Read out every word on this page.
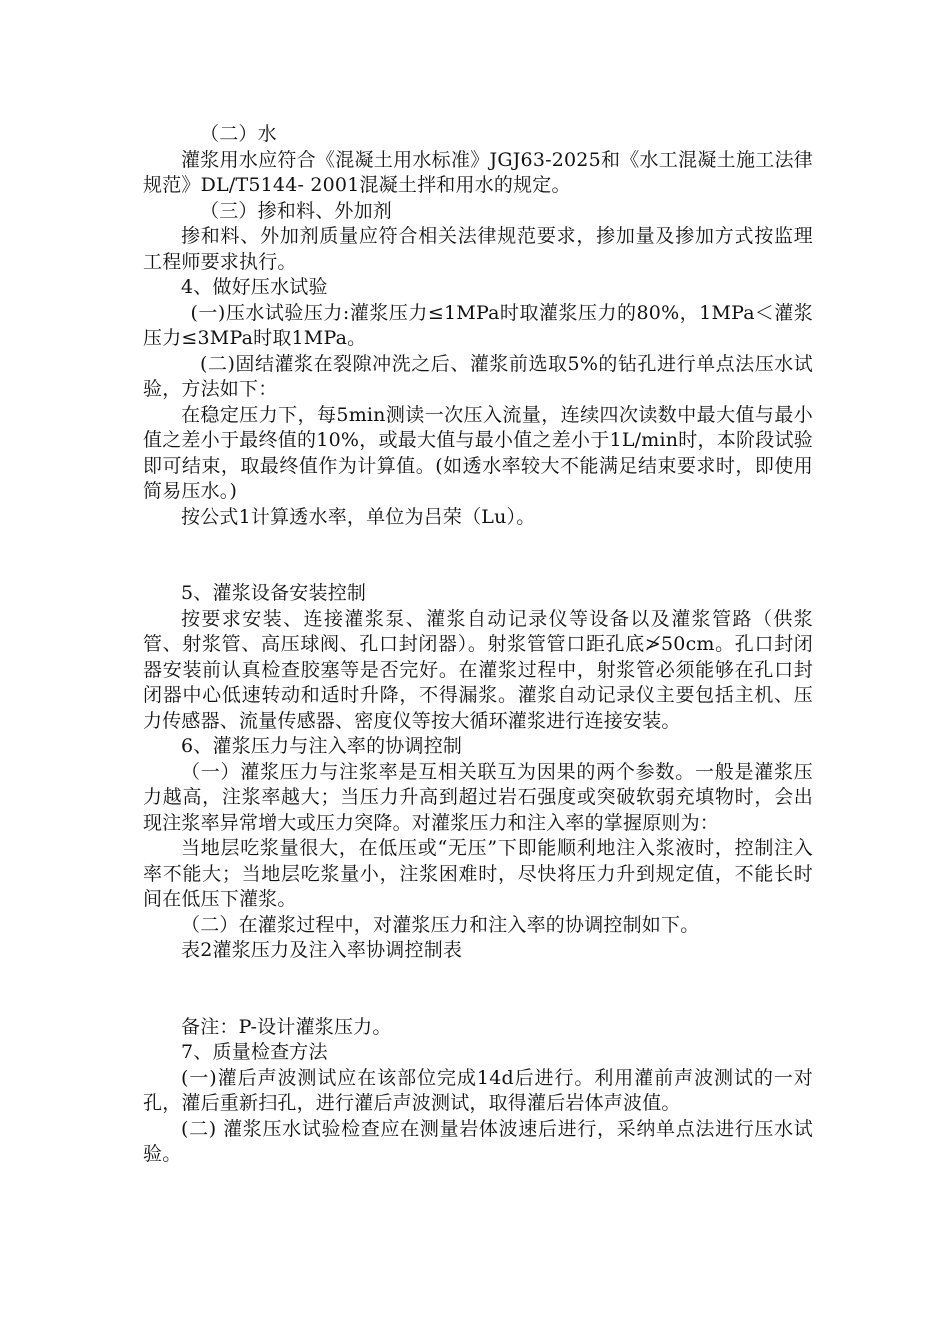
（二）水

灌浆用水应符合《混凝土用水标准》JGJ63-2025和《水工混凝土施工法律规范》DL/T5144- 2001混凝土拌和用水的规定。

（三）掺和料、外加剂

掺和料、外加剂质量应符合相关法律规范要求，掺加量及掺加方式按监理工程师要求执行。

4、做好压水试验

(一)压水试验压力:灌浆压力≤1MPa时取灌浆压力的80%，1MPa＜灌浆压力≤3MPa时取1MPa。

(二)固结灌浆在裂隙冲洗之后、灌浆前选取5%的钻孔进行单点法压水试验，方法如下：

在稳定压力下，每5min测读一次压入流量，连续四次读数中最大值与最小值之差小于最终值的10%，或最大值与最小值之差小于1L/min时，本阶段试验即可结束，取最终值作为计算值。(如透水率较大不能满足结束要求时，即使用简易压水。)

按公式1计算透水率，单位为吕荣（Lu）。

5、灌浆设备安装控制

按要求安装、连接灌浆泵、灌浆自动记录仪等设备以及灌浆管路（供浆管、射浆管、高压球阀、孔口封闭器）。射浆管管口距孔底≯50cm。孔口封闭器安装前认真检查胶塞等是否完好。在灌浆过程中，射浆管必须能够在孔口封闭器中心低速转动和适时升降，不得漏浆。灌浆自动记录仪主要包括主机、压力传感器、流量传感器、密度仪等按大循环灌浆进行连接安装。

6、灌浆压力与注入率的协调控制

（一）灌浆压力与注浆率是互相关联互为因果的两个参数。一般是灌浆压力越高，注浆率越大；当压力升高到超过岩石强度或突破软弱充填物时，会出现注浆率异常增大或压力突降。对灌浆压力和注入率的掌握原则为：

当地层吃浆量很大，在低压或“无压”下即能顺利地注入浆液时，控制注入率不能大；当地层吃浆量小，注浆困难时，尽快将压力升到规定值，不能长时间在低压下灌浆。

（二）在灌浆过程中，对灌浆压力和注入率的协调控制如下。

表2灌浆压力及注入率协调控制表

备注：P-设计灌浆压力。

7、质量检查方法

(一)灌后声波测试应在该部位完成14d后进行。利用灌前声波测试的一对孔，灌后重新扫孔，进行灌后声波测试，取得灌后岩体声波值。

(二) 灌浆压水试验检查应在测量岩体波速后进行，采纳单点法进行压水试验。
